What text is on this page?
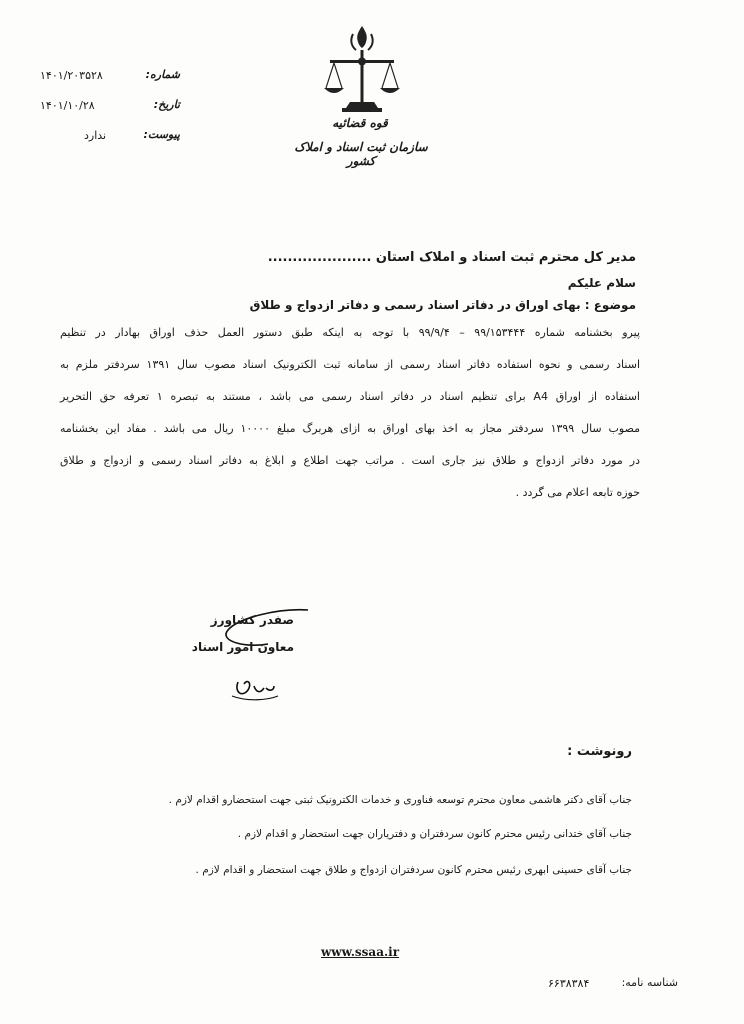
شماره:
۱۴۰۱/۲۰۳۵۲۸
تاریخ:
۱۴۰۱/۱۰/۲۸
پیوست:
ندارد
قوه قضائیه
سازمان ثبت اسناد و املاک کشور
مدیر کل محترم ثبت اسناد و املاک استان .....................
سلام علیکم
موضوع : بهای اوراق در دفاتر اسناد رسمی و دفاتر ازدواج و طلاق
پیرو بخشنامه شماره ۹۹/۱۵۳۴۴۴ – ۹۹/۹/۴ با توجه به اینکه طبق دستور العمل حذف اوراق بهادار در تنظیم
اسناد رسمی و نحوه استفاده دفاتر اسناد رسمی از سامانه ثبت الکترونیک اسناد مصوب سال ۱۳۹۱ سردفتر ملزم به
استفاده از اوراق A4 برای تنظیم اسناد در دفاتر اسناد رسمی می باشد ، مستند به تبصره ۱ تعرفه حق التحریر
مصوب سال ۱۳۹۹ سردفتر مجاز به اخذ بهای اوراق به ازای هربرگ مبلغ ۱۰۰۰۰ ریال می باشد . مفاد این بخشنامه
در مورد دفاتر ازدواج و طلاق نیز جاری است . مراتب جهت اطلاع و ابلاغ به دفاتر اسناد رسمی و ازدواج و طلاق
حوزه تابعه اعلام می گردد .
صفدر کشاورز
معاون امور اسناد
رونوشت :
جناب آقای دکتر هاشمی معاون محترم توسعه فناوری و خدمات الکترونیک ثبتی جهت استحضارو اقدام لازم .
جناب آقای ختدانی رئیس محترم کانون سردفتران و دفتریاران جهت استحضار و اقدام لازم .
جناب آقای حسینی ابهری رئیس محترم کانون سردفتران ازدواج و طلاق جهت استحضار و اقدام لازم .
www.ssaa.ir
شناسه نامه:
۶۶۳۸۳۸۴
